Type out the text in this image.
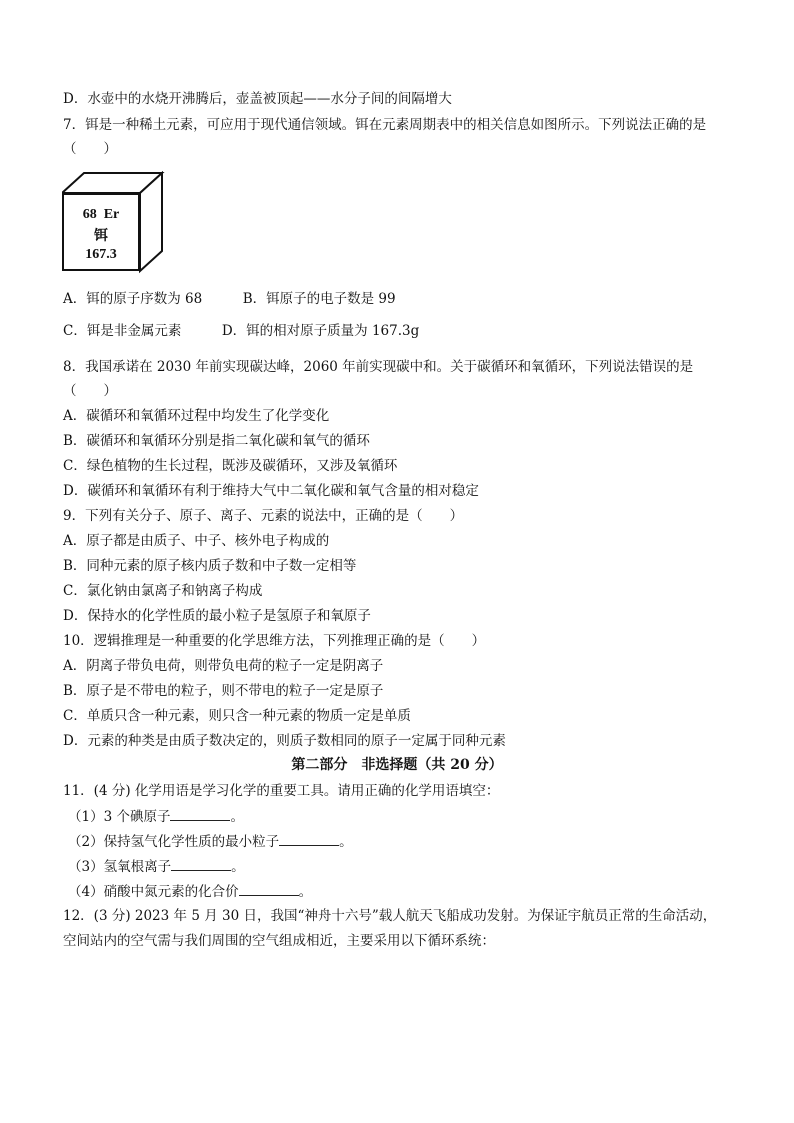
D．水壶中的水烧开沸腾后，壶盖被顶起——水分子间的间隔增大
7．铒是一种稀土元素，可应用于现代通信领域。铒在元素周期表中的相关信息如图所示。下列说法正确的是
（　　）
68 Er
铒
167.3
A．铒的原子序数为 68　　　B．铒原子的电子数是 99
C．铒是非金属元素　　　D．铒的相对原子质量为 167.3g
8．我国承诺在 2030 年前实现碳达峰，2060 年前实现碳中和。关于碳循环和氧循环，下列说法错误的是
（　　）
A．碳循环和氧循环过程中均发生了化学变化
B．碳循环和氧循环分别是指二氧化碳和氧气的循环
C．绿色植物的生长过程，既涉及碳循环，又涉及氧循环
D．碳循环和氧循环有利于维持大气中二氧化碳和氧气含量的相对稳定
9．下列有关分子、原子、离子、元素的说法中，正确的是（　　）
A．原子都是由质子、中子、核外电子构成的
B．同种元素的原子核内质子数和中子数一定相等
C．氯化钠由氯离子和钠离子构成
D．保持水的化学性质的最小粒子是氢原子和氧原子
10．逻辑推理是一种重要的化学思维方法，下列推理正确的是（　　）
A．阴离子带负电荷，则带负电荷的粒子一定是阴离子
B．原子是不带电的粒子，则不带电的粒子一定是原子
C．单质只含一种元素，则只含一种元素的物质一定是单质
D．元素的种类是由质子数决定的，则质子数相同的原子一定属于同种元素
第二部分　非选择题（共 20 分）
11．(4 分) 化学用语是学习化学的重要工具。请用正确的化学用语填空：
（1）3 个碘原子	。
（2）保持氢气化学性质的最小粒子	。
（3）氢氧根离子	。
（4）硝酸中氮元素的化合价	。
12．(3 分) 2023 年 5 月 30 日，我国“神舟十六号”载人航天飞船成功发射。为保证宇航员正常的生命活动，
空间站内的空气需与我们周围的空气组成相近，主要采用以下循环系统：
